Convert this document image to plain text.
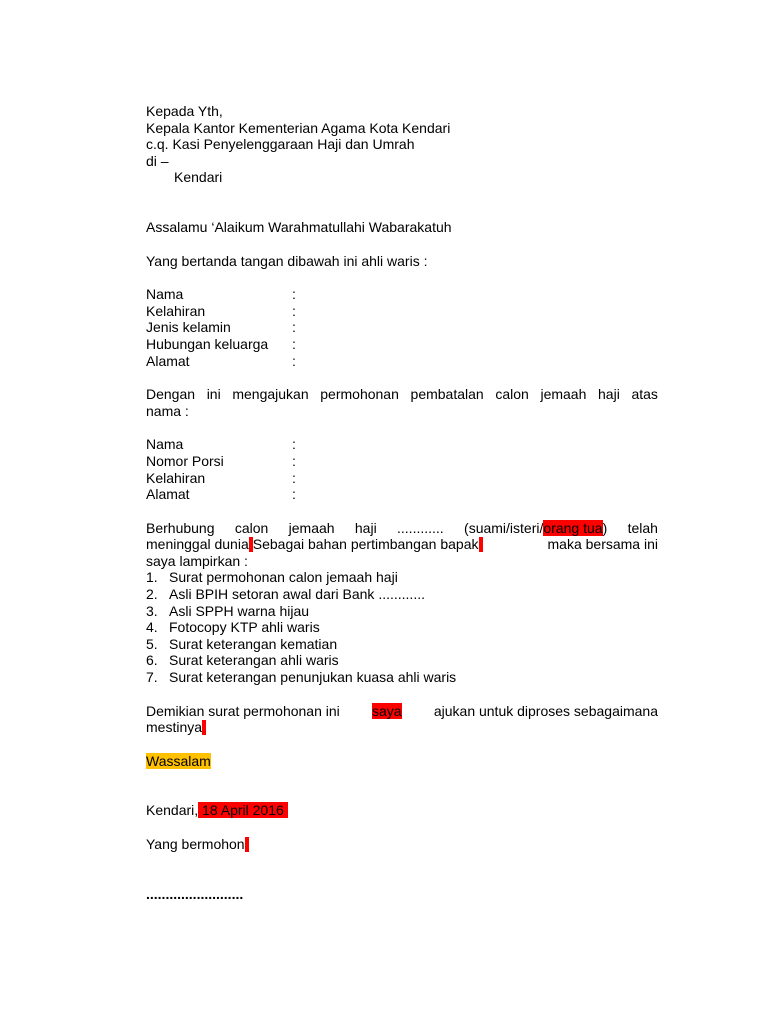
Kepada Yth,
Kepala Kantor Kementerian Agama Kota Kendari
c.q. Kasi Penyelenggaraan Haji dan Umrah
di –
Kendari
Assalamu ‘Alaikum Warahmatullahi Wabarakatuh
Yang bertanda tangan dibawah ini ahli waris :
Nama	:
Kelahiran	:
Jenis kelamin	:
Hubungan keluarga	:
Alamat	:
Dengan ini mengajukan permohonan pembatalan calon jemaah haji atas
nama :
Nama	:
Nomor Porsi	:
Kelahiran	:
Alamat	:
Berhubung calon jemaah haji ............ (suami/isteri/orang tua) telah
meninggal dunia Sebagai bahan pertimbangan bapak	maka bersama ini
saya lampirkan :
1. Surat permohonan calon jemaah haji
2. Asli BPIH setoran awal dari Bank ............
3. Asli SPPH warna hijau
4. Fotocopy KTP ahli waris
5. Surat keterangan kematian
6. Surat keterangan ahli waris
7. Surat keterangan penunjukan kuasa ahli waris
Demikian surat permohonan ini saya ajukan untuk diproses sebagaimana
mestinya
Wassalam
Kendari, 18 April 2016
Yang bermohon
.........................
